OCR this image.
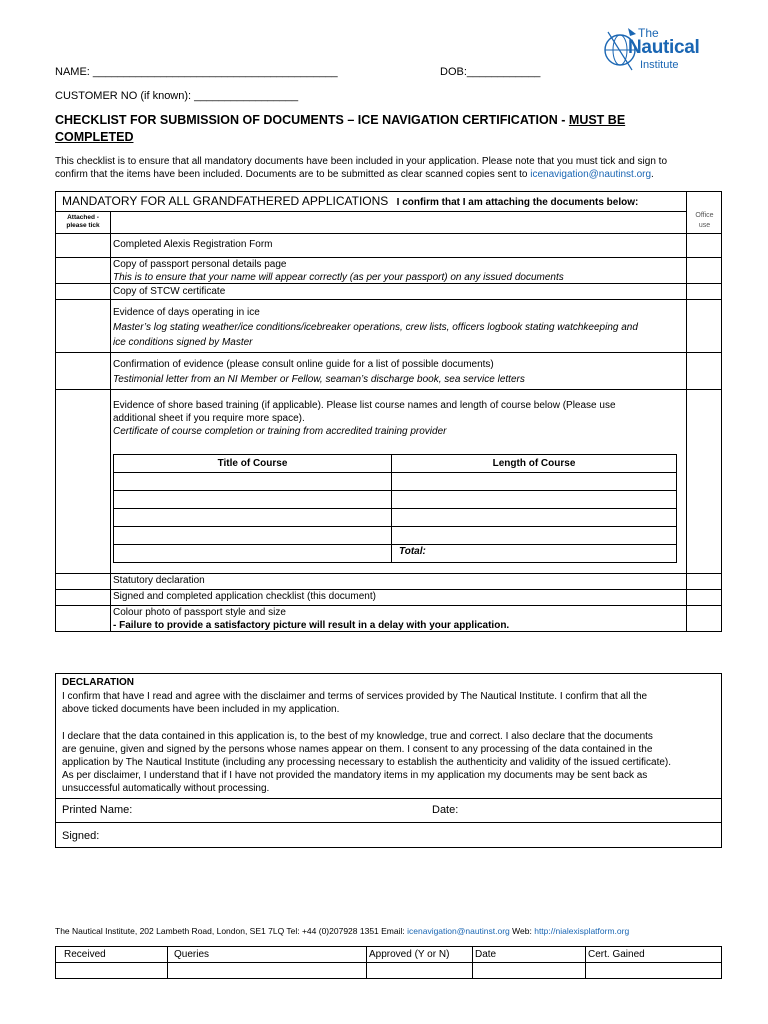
The
Nautical
Institute
NAME: ________________________________________	DOB:____________
CUSTOMER NO (if known): _________________
CHECKLIST FOR SUBMISSION OF DOCUMENTS – ICE NAVIGATION CERTIFICATION - MUST BE
COMPLETED
This checklist is to ensure that all mandatory documents have been included in your application. Please note that you must tick and sign to
confirm that the items have been included. Documents are to be submitted as clear scanned copies sent to icenavigation@nautinst.org.
MANDATORY FOR ALL GRANDFATHERED APPLICATIONS I confirm that I am attaching the documents below:
Attached -
please tick
Office
use
Completed Alexis Registration Form
Copy of passport personal details page
This is to ensure that your name will appear correctly (as per your passport) on any issued documents
Copy of STCW certificate
Evidence of days operating in ice
Master’s log stating weather/ice conditions/icebreaker operations, crew lists, officers logbook stating watchkeeping and
ice conditions signed by Master
Confirmation of evidence (please consult online guide for a list of possible documents)
Testimonial letter from an NI Member or Fellow, seaman’s discharge book, sea service letters
Evidence of shore based training (if applicable). Please list course names and length of course below (Please use
additional sheet if you require more space).
Certificate of course completion or training from accredited training provider
Title of Course	Length of Course
Total:
Statutory declaration
Signed and completed application checklist (this document)
Colour photo of passport style and size
- Failure to provide a satisfactory picture will result in a delay with your application.
DECLARATION
I confirm that have I read and agree with the disclaimer and terms of services provided by The Nautical Institute. I confirm that all the
above ticked documents have been included in my application.
I declare that the data contained in this application is, to the best of my knowledge, true and correct. I also declare that the documents
are genuine, given and signed by the persons whose names appear on them. I consent to any processing of the data contained in the
application by The Nautical Institute (including any processing necessary to establish the authenticity and validity of the issued certificate).
As per disclaimer, I understand that if I have not provided the mandatory items in my application my documents may be sent back as
unsuccessful automatically without processing.
Printed Name:	Date:
Signed:
The Nautical Institute, 202 Lambeth Road, London, SE1 7LQ Tel: +44 (0)207928 1351 Email: icenavigation@nautinst.org Web: http://nialexisplatform.org
Received	Queries	Approved (Y or N)	Date	Cert. Gained
